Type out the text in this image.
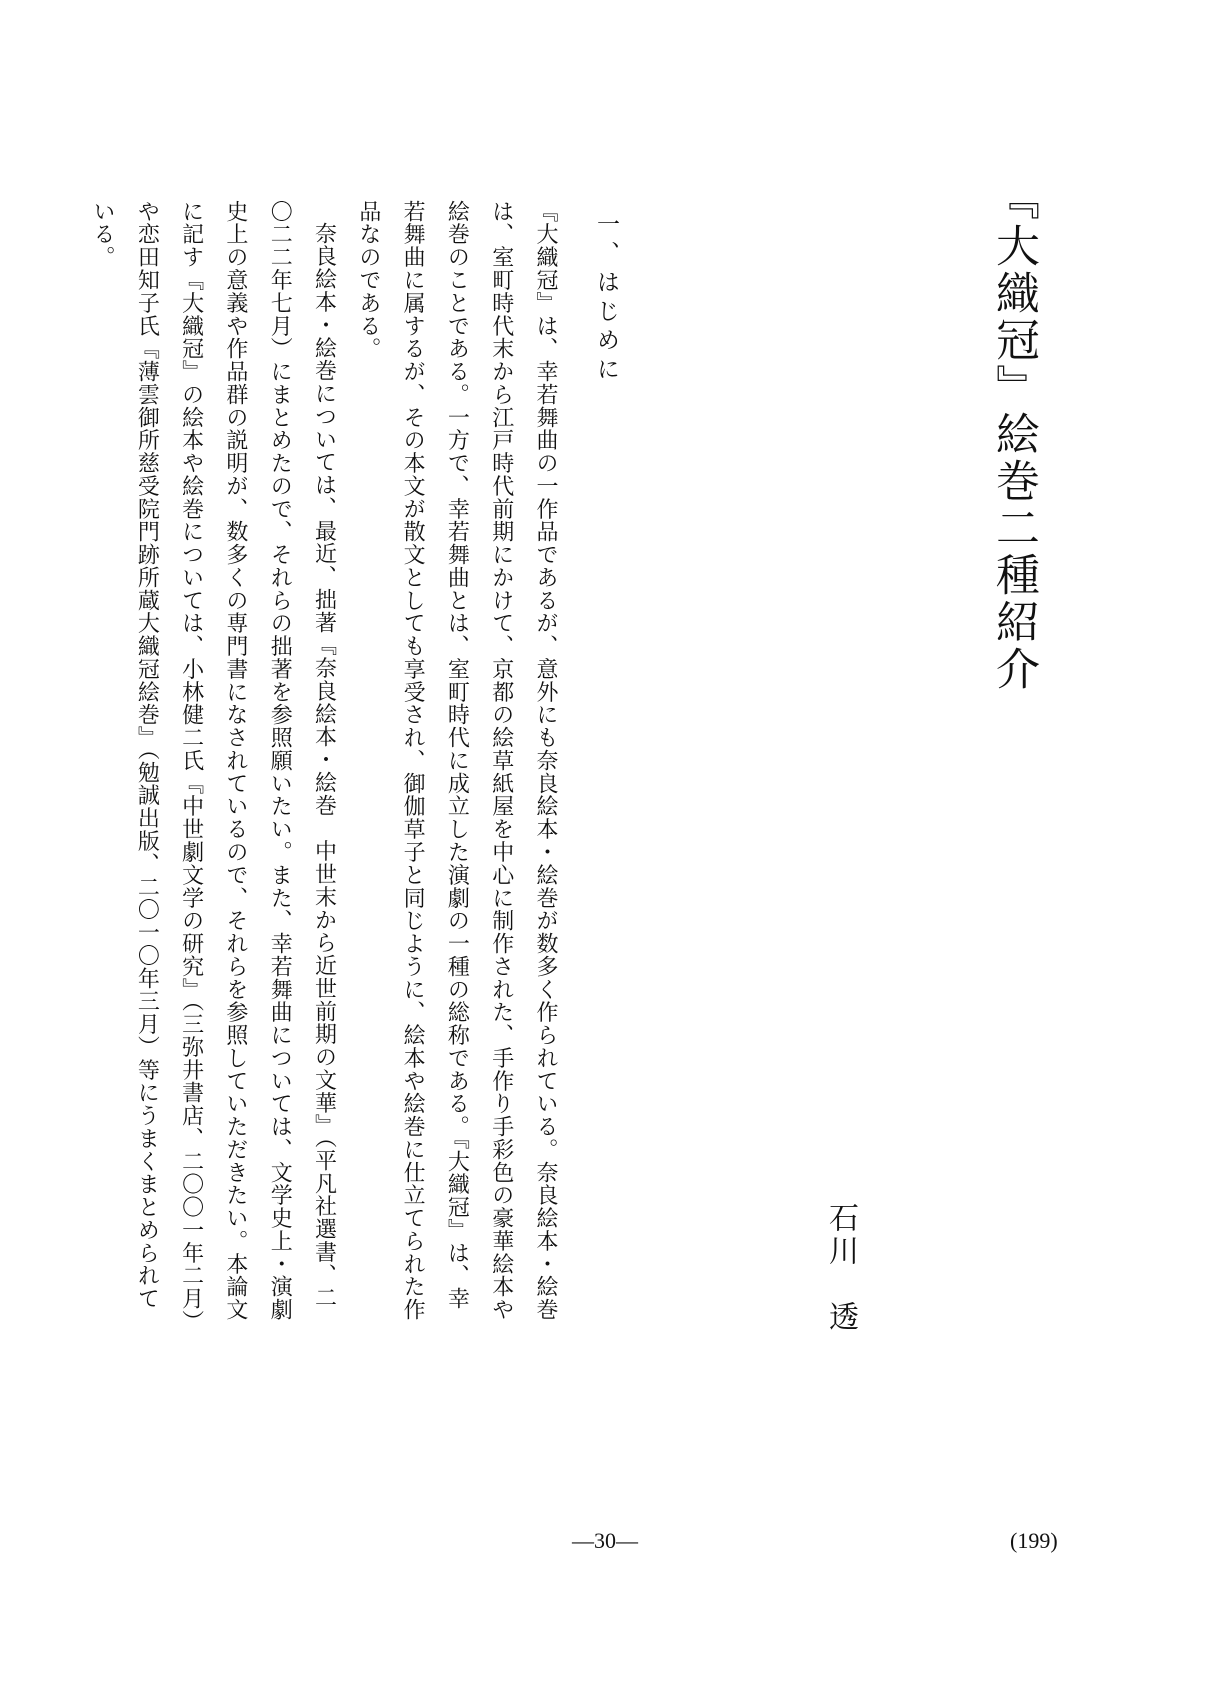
『大織冠』絵巻二種紹介
石川　透
一、はじめに

『大織冠』は、幸若舞曲の一作品であるが、意外にも奈良絵本・絵巻が数多く作られている。奈良絵本・絵巻は、室町時代末から江戸時代前期にかけて、京都の絵草紙屋を中心に制作された、手作り手彩色の豪華絵本や絵巻のことである。一方で、幸若舞曲とは、室町時代に成立した演劇の一種の総称である。『大織冠』は、幸若舞曲に属するが、その本文が散文としても享受され、御伽草子と同じように、絵本や絵巻に仕立てられた作品なのである。

奈良絵本・絵巻については、最近、拙著『奈良絵本・絵巻　中世末から近世前期の文華』（平凡社選書、二〇二二年七月）にまとめたので、それらの拙著を参照願いたい。また、幸若舞曲については、文学史上・演劇史上の意義や作品群の説明が、数多くの専門書になされているので、それらを参照していただきたい。本論文に記す『大織冠』の絵本や絵巻については、小林健二氏『中世劇文学の研究』（三弥井書店、二〇〇一年二月）や恋田知子氏『薄雲御所慈受院門跡所蔵大織冠絵巻』（勉誠出版、二〇一〇年三月）等にうまくまとめられている。

—30—	(199)
